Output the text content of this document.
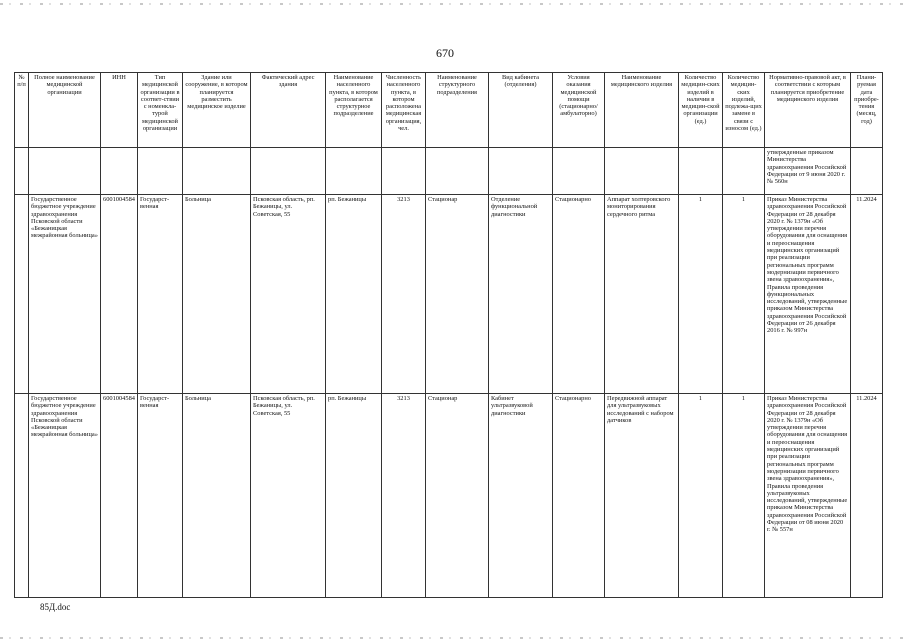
670
№ п/п	Полное наименование медицинской организации	ИНН	Тип медицинской организации в соответ-ствии с номенкла-турой медицинской организации	Здание или сооружение, в котором планируется разместить медицинское изделие	Фактический адрес здания	Наименование населенного пункта, в котором располагается структурное подразделение	Численность населенного пункта, в котором расположена медицинская организация, чел.	Наименование структурного подразделения	Вид кабинета (отделения)	Условия оказания медицинской помощи (стационарно/ амбулаторно)	Наименование медицинского изделия	Количество медицин-ских изделий в наличии в медицин-ской организации (ед.)	Количество медицин-ских изделий, подлежа-щих замене в связи с износом (ед.)	Нормативно-правовой акт, в соответствии с которым планируется приобретение медицинского изделия	Плани-руемая дата приобре-тения (месяц, год)
														утвержденные приказом Министерства здравоохранения Российской Федерации от 9 июня 2020 г. № 560н	
	Государственное бюджетное учреждение здравоохранения Псковской области «Бежаницкая межрайонная больница»	6001004584	Государст-венная	Больница	Псковская область, рп. Бежаницы, ул. Советская, 55	рп. Бежаницы	3213	Стационар	Отделение функциональной диагностики	Стационарно	Аппарат холтеровского мониторирования сердечного ритма	1	1	Приказ Министерства здравоохранения Российской Федерации от 28 декабря 2020 г. № 1379н «Об утверждении перечня оборудования для оснащения и переоснащения медицинских организаций при реализации региональных программ модернизации первичного звена здравоохранения», Правила проведения функциональных исследований, утвержденные приказом Министерства здравоохранения Российской Федерации от 26 декабря 2016 г. № 997н	11.2024
	Государственное бюджетное учреждение здравоохранения Псковской области «Бежаницкая межрайонная больница»	6001004584	Государст-венная	Больница	Псковская область, рп. Бежаницы, ул. Советская, 55	рп. Бежаницы	3213	Стационар	Кабинет ультразвуковой диагностики	Стационарно	Передвижной аппарат для ультразвуковых исследований с набором датчиков	1	1	Приказ Министерства здравоохранения Российской Федерации от 28 декабря 2020 г. № 1379н «Об утверждении перечня оборудования для оснащения и переоснащения медицинских организаций при реализации региональных программ модернизации первичного звена здравоохранения», Правила проведения ультразвуковых исследований, утвержденные приказом Министерства здравоохранения Российской Федерации от 08 июня 2020 г. № 557н	11.2024
85Д.doc
